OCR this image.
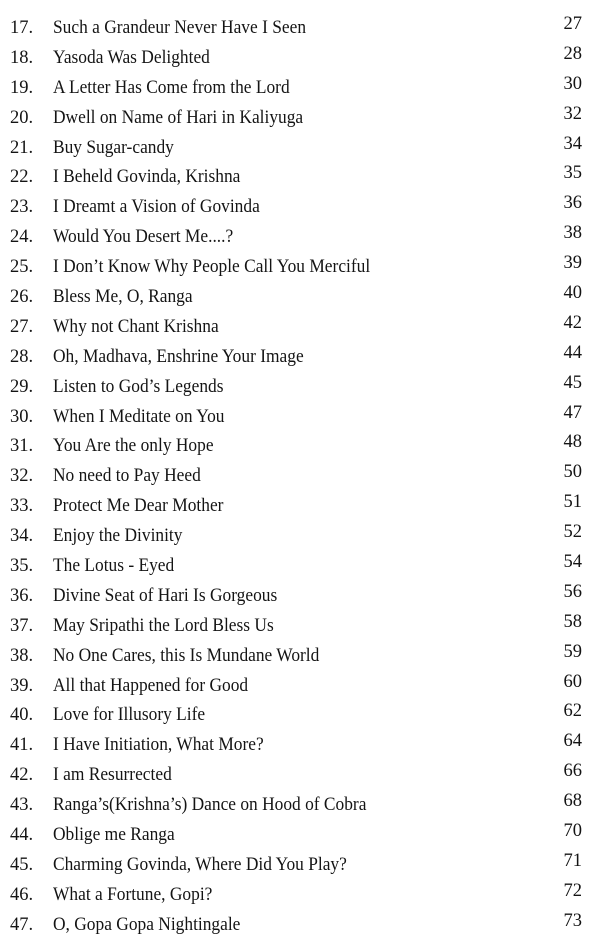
17. Such a Grandeur Never Have I Seen	27
18. Yasoda Was Delighted	28
19. A Letter Has Come from the Lord	30
20. Dwell on Name of Hari in Kaliyuga	32
21. Buy Sugar-candy	34
22. I Beheld Govinda, Krishna	35
23. I Dreamt a Vision of Govinda	36
24. Would You Desert Me....?	38
25. I Don’t Know Why People Call You Merciful	39
26. Bless Me, O, Ranga	40
27. Why not Chant Krishna	42
28. Oh, Madhava, Enshrine Your Image	44
29. Listen to God’s Legends	45
30. When I Meditate on You	47
31. You Are the only Hope	48
32. No need to Pay Heed	50
33. Protect Me Dear Mother	51
34. Enjoy the Divinity	52
35. The Lotus - Eyed	54
36. Divine Seat of Hari Is Gorgeous	56
37. May Sripathi the Lord Bless Us	58
38. No One Cares, this Is Mundane World	59
39. All that Happened for Good	60
40. Love for Illusory Life	62
41. I Have Initiation, What More?	64
42. I am Resurrected	66
43. Ranga’s(Krishna’s) Dance on Hood of Cobra	68
44. Oblige me Ranga	70
45. Charming Govinda, Where Did You Play?	71
46. What a Fortune, Gopi?	72
47. O, Gopa Gopa Nightingale	73
